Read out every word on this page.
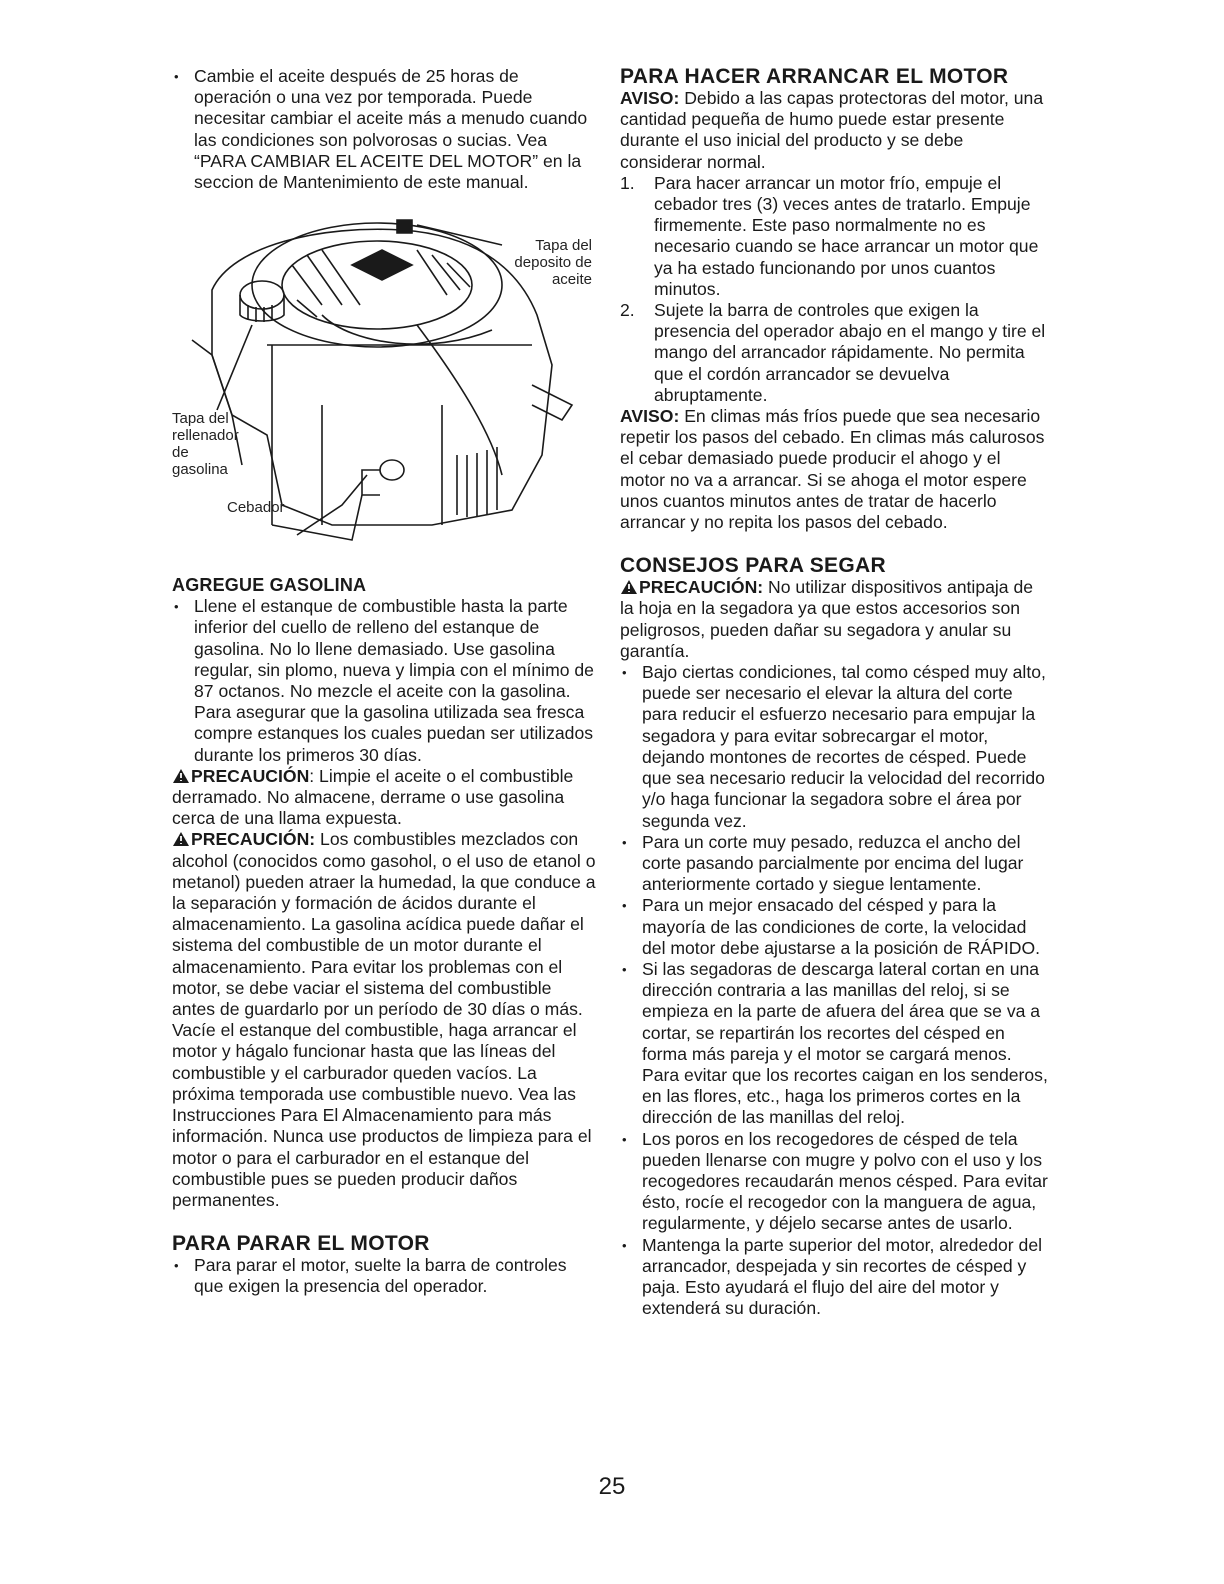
• Cambie el aceite después de 25 horas de operación o una vez por temporada. Puede necesitar cambiar el aceite más a menudo cuando las condiciones son polvorosas o sucias. Vea “PARA CAMBIAR EL ACEITE DEL MOTOR” en la seccion de Mantenimiento de este manual.

Tapa del
deposito de
aceite
Tapa del
rellenador
de
gasolina
Cebador

AGREGUE GASOLINA

• Llene el estanque de combustible hasta la parte inferior del cuello de relleno del estanque de gasolina. No lo llene demasiado. Use gasolina regular, sin plomo, nueva y limpia con el mínimo de 87 octanos. No mezcle el aceite con la gasolina. Para asegurar que la gasolina utilizada sea fresca compre estanques los cuales puedan ser utilizados durante los primeros 30 días.

PRECAUCIÓN: Limpie el aceite o el combustible derramado. No almacene, derrame o use gasolina cerca de una llama expuesta.

PRECAUCIÓN: Los combustibles mezclados con alcohol (conocidos como gasohol, o el uso de etanol o metanol) pueden atraer la humedad, la que conduce a la separación y formación de ácidos durante el almacenamiento. La gasolina acídica puede dañar el sistema del combustible de un motor durante el almacenamiento. Para evitar los problemas con el motor, se debe vaciar el sistema del combustible antes de guardarlo por un período de 30 días o más. Vacíe el estanque del combustible, haga arrancar el motor y hágalo funcionar hasta que las líneas del combustible y el carburador queden vacíos. La próxima temporada use combustible nuevo. Vea las Instrucciones Para El Almacenamiento para más información. Nunca use productos de limpieza para el motor o para el carburador en el estanque del combustible pues se pueden producir daños permanentes.

PARA PARAR EL MOTOR

• Para parar el motor, suelte la barra de controles que exigen la presencia del operador.

PARA HACER ARRANCAR EL MOTOR

AVISO: Debido a las capas protectoras del motor, una cantidad pequeña de humo puede estar presente durante el uso inicial del producto y se debe considerar normal.

1. Para hacer arrancar un motor frío, empuje el cebador tres (3) veces antes de tratarlo. Empuje firmemente. Este paso normalmente no es necesario cuando se hace arrancar un motor que ya ha estado funcionando por unos cuantos minutos.

2. Sujete la barra de controles que exigen la presencia del operador abajo en el mango y tire el mango del arrancador rápidamente. No permita que el cordón arrancador se devuelva abruptamente.

AVISO: En climas más fríos puede que sea necesario repetir los pasos del cebado. En climas más calurosos el cebar demasiado puede producir el ahogo y el motor no va a arrancar. Si se ahoga el motor espere unos cuantos minutos antes de tratar de hacerlo arrancar y no repita los pasos del cebado.

CONSEJOS PARA SEGAR

PRECAUCIÓN: No utilizar dispositivos antipaja de la hoja en la segadora ya que estos accesorios son peligrosos, pueden dañar su segadora y anular su garantía.

• Bajo ciertas condiciones, tal como césped muy alto, puede ser necesario el elevar la altura del corte para reducir el esfuerzo necesario para empujar la segadora y para evitar sobrecargar el motor, dejando montones de recortes de césped. Puede que sea necesario reducir la velocidad del recorrido y/o haga funcionar la segadora sobre el área por segunda vez.

• Para un corte muy pesado, reduzca el ancho del corte pasando parcialmente por encima del lugar anteriormente cortado y siegue lentamente.

• Para un mejor ensacado del césped y para la mayoría de las condiciones de corte, la velocidad del motor debe ajustarse a la posición de RÁPIDO.

• Si las segadoras de descarga lateral cortan en una dirección contraria a las manillas del reloj, si se empieza en la parte de afuera del área que se va a cortar, se repartirán los recortes del césped en forma más pareja y el motor se cargará menos. Para evitar que los recortes caigan en los senderos, en las flores, etc., haga los primeros cortes en la dirección de las manillas del reloj.

• Los poros en los recogedores de césped de tela pueden llenarse con mugre y polvo con el uso y los recogedores recaudarán menos césped. Para evitar ésto, rocíe el recogedor con la manguera de agua, regularmente, y déjelo secarse antes de usarlo.

• Mantenga la parte superior del motor, alrededor del arrancador, despejada y sin recortes de césped y paja. Esto ayudará el flujo del aire del motor y extenderá su duración.

25
